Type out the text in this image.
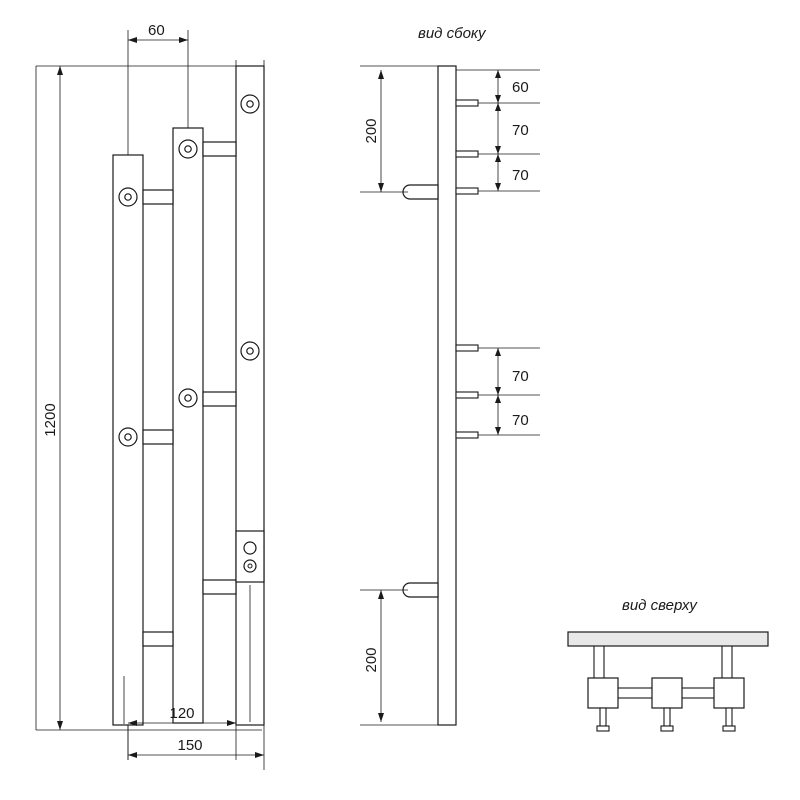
60
1200
120
150
вид сбоку
200
200
60
70
70
70
70
вид сверху
